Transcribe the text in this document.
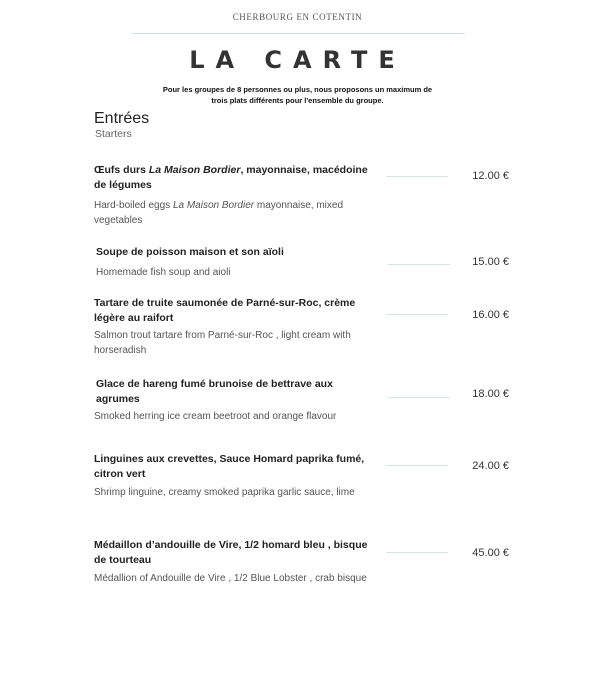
CHERBOURG EN COTENTIN
LA CARTE
Pour les groupes de 8 personnes ou plus, nous proposons un maximum de
trois plats différents pour l'ensemble du groupe.
Entrées
Starters
Œufs durs La Maison Bordier, mayonnaise, macédoine de légumes
Hard-boiled eggs La Maison Bordier mayonnaise, mixed vegetables
12.00 €
Soupe de poisson maison et son aïoli
Homemade fish soup and aioli
15.00 €
Tartare de truite saumonée de Parné-sur-Roc, crème légère au raifort
Salmon trout tartare from Parné-sur-Roc , light cream with horseradish
16.00 €
Glace de hareng fumé brunoise de bettrave aux agrumes
Smoked herring ice cream beetroot and orange flavour
18.00 €
Linguines aux crevettes, Sauce Homard paprika fumé, citron vert
Shrimp linguine, creamy smoked paprika garlic sauce, lime
24.00 €
Médaillon d’andouille de Vire, 1/2 homard bleu , bisque de tourteau
Médallion of Andouille de Vire , 1/2 Blue Lobster , crab bisque
45.00 €
